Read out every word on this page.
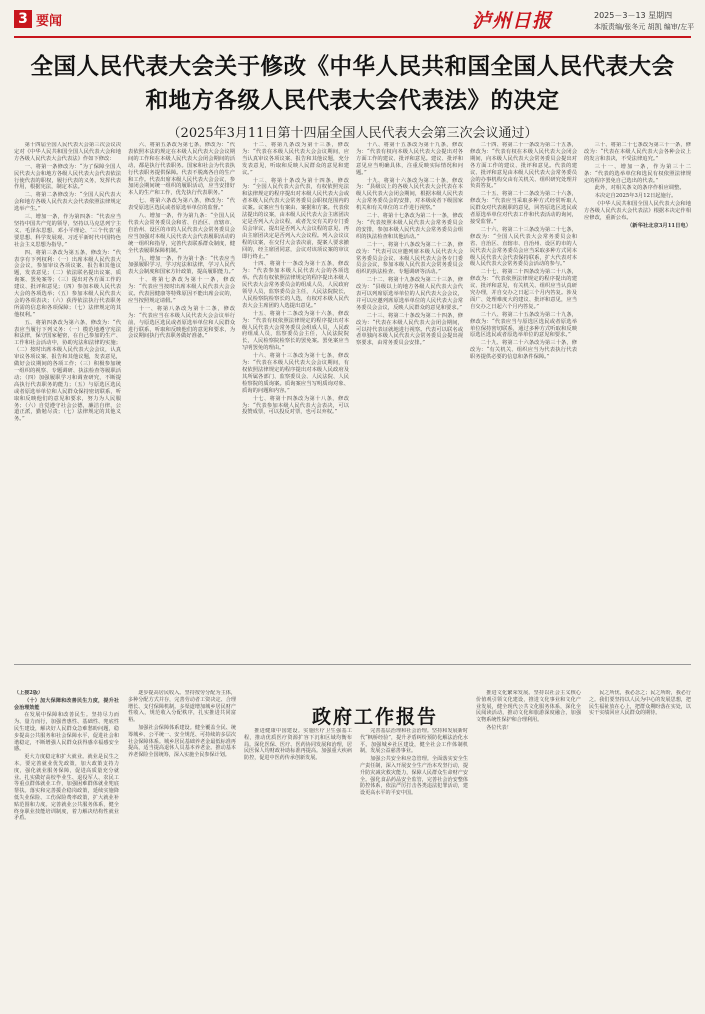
3 要闻	泸州日报	2025－3－13 星期四
本版责编/张冬元 胡凯 编审/左平
全国人民代表大会关于修改《中华人民共和国全国人民代表大会和地方各级人民代表大会代表法》的决定
（2025年3月11日第十四届全国人民代表大会第三次会议通过）

第十四届全国人民代表大会第三次会议决定对《中华人民共和国全国人民代表大会和地方各级人民代表大会代表法》作如下修改：

一、将第一条修改为：“为了保障全国人民代表大会和地方各级人民代表大会代表依法行使代表的职权，履行代表的义务，发挥代表作用，根据宪法，制定本法。”

二、将第二条修改为：“全国人民代表大会和地方各级人民代表大会代表依照法律规定选举产生。”

三、增加一条，作为第四条：“代表应当坚持中国共产党的领导，坚持以马克思列宁主义、毛泽东思想、邓小平理论、‘三个代表’重要思想、科学发展观、习近平新时代中国特色社会主义思想为指导。”

四、将第三条改为第五条，修改为：“代表享有下列权利：（一）出席本级人民代表大会会议，参加审议各项议案、报告和其他议题，发表意见；（二）依法联名提出议案、质询案、罢免案等；（三）提出对各方面工作的建议、批评和意见；（四）参加本级人民代表大会的各项选举；（五）参加本级人民代表大会的各项表决；（六）获得依法执行代表职务所需的信息和各项保障；（七）法律规定的其他权利。”

五、将第四条改为第六条，修改为：“代表应当履行下列义务：（一）模范地遵守宪法和法律，保守国家秘密，在自己参加的生产、工作和社会活动中，协助宪法和法律的实施；（二）按时出席本级人民代表大会会议，认真审议各项议案、报告和其他议题，发表意见，做好会议期间的各项工作；（三）积极参加统一组织的视察、专题调研、执法检查等履职活动；（四）加强履职学习和调查研究，不断提高执行代表职务的能力；（五）与原选区选民或者原选举单位和人民群众保持密切联系，听取和反映他们的意见和要求，努力为人民服务；（六）自觉遵守社会公德，廉洁自律，公道正派，勤勉尽责；（七）法律规定的其他义务。”

六、将第五条改为第七条，修改为：“代表依照本法的规定在本级人民代表大会会议期间的工作和在本级人民代表大会闭会期间的活动，都是执行代表职务。国家和社会为代表执行代表职务提供保障。代表不脱离各自的生产和工作。代表出席本级人民代表大会会议，参加闭会期间统一组织的履职活动，应当安排好本人的生产和工作，优先执行代表职务。”

七、将第六条改为第八条，修改为：“代表受原选区选民或者原选举单位的监督。”

八、增加一条，作为第九条：“全国人民代表大会常务委员会和省、自治区、直辖市、自治州、设区的市的人民代表大会常务委员会应当加强对本级人民代表大会代表履职活动的统一组织和指导，完善代表联系群众制度，健全代表履职保障机制。”

九、增加一条，作为第十条：“代表应当加强履职学习，学习宪法和法律，学习人民代表大会制度和国家方针政策，提高履职能力。”

十、将第七条改为第十一条，修改为：“代表应当按时出席本级人民代表大会会议。代表因健康等特殊原因不能出席会议的，应当按照规定请假。”

十一、将第八条改为第十二条，修改为：“代表应当在本级人民代表大会会议举行前，与原选区选民或者原选举单位和人民群众进行联系，听取和反映他们的意见和要求，为会议期间执行代表职务做好准备。”

十二、将第九条改为第十三条，修改为：“代表在本级人民代表大会会议期间，应当认真审议各项议案、报告和其他议题，充分发表意见，听取和反映人民群众的意见和建议。”

十三、将第十条改为第十四条，修改为：“全国人民代表大会代表，有权依照宪法和法律规定的程序提出对本级人民代表大会或者本级人民代表大会常务委员会职权范围内的议案。议案应当有案由、案据和方案。代表依法提出的议案，由本级人民代表大会主席团决定是否列入大会议程，或者先交有关的专门委员会审议，提出是否列入大会议程的意见，再由主席团决定是否列入大会议程。列入会议议程的议案，在交付大会表决前，提案人要求撤回的，经主席团同意，会议对该项议案的审议即行终止。”

十四、将第十一条改为第十五条，修改为：“代表参加本级人民代表大会的各项选举。代表有权依照法律规定的程序提出本级人民代表大会常务委员会的组成人员，人民政府领导人员，监察委员会主任，人民法院院长，人民检察院检察长的人选，有权对本级人民代表大会主席团的人选提出意见。”

十五、将第十二条改为第十六条，修改为：“代表有权依照法律规定的程序提出对本级人民代表大会常务委员会组成人员，人民政府组成人员，监察委员会主任，人民法院院长，人民检察院检察长的罢免案。罢免案应当写明罢免的理由。”

十六、将第十三条改为第十七条，修改为：“代表在本级人民代表大会会议期间，有权依照法律规定的程序提出对本级人民政府及其所属各部门、监察委员会、人民法院、人民检察院的质询案。质询案应当写明质询对象、质询的问题和内容。”

十七、将第十四条改为第十八条，修改为：“代表参加本级人民代表大会表决，可以投赞成票，可以投反对票，也可以弃权。”

十八、将第十五条改为第十九条，修改为：“代表有权向本级人民代表大会提出对各方面工作的建议、批评和意见。建议、批评和意见应当明确具体，注重反映实际情况和问题。”

十九、将第十六条改为第二十条，修改为：“县级以上的各级人民代表大会代表在本级人民代表大会闭会期间，根据本级人民代表大会常务委员会的安排，对本级或者下级国家机关和有关单位的工作进行视察。”

二十、将第十七条改为第二十一条，修改为：“代表按照本级人民代表大会常务委员会的安排，参加本级人民代表大会常务委员会组织的执法检查和其他活动。”

二十一、将第十八条改为第二十二条，修改为：“代表可以应邀列席本级人民代表大会常务委员会会议、本级人民代表大会各专门委员会会议，参加本级人民代表大会常务委员会组织的执法检查、专题调研等活动。”

二十二、将第十九条改为第二十三条，修改为：“县级以上的地方各级人民代表大会代表可以列席原选举单位的人民代表大会会议，并可以应邀列席原选举单位的人民代表大会常务委员会会议，反映人民群众的意见和要求。”

二十三、将第二十条改为第二十四条，修改为：“代表在本级人民代表大会闭会期间，可以持代表证就地进行视察。代表可以联名或者单独向本级人民代表大会常务委员会提出视察要求，由常务委员会安排。”

二十四、将第二十一条改为第二十五条，修改为：“代表有权在本级人民代表大会闭会期间，向本级人民代表大会常务委员会提出对各方面工作的建议、批评和意见。代表的建议、批评和意见由本级人民代表大会常务委员会的办事机构交由有关机关、组织研究处理并负责答复。”

二十五、将第二十二条改为第二十六条，修改为：“代表应当采取多种方式经常听取人民群众对代表履职的意见，回答原选区选民或者原选举单位对代表工作和代表活动的询问，接受监督。”

二十六、将第二十三条改为第二十七条，修改为：“全国人民代表大会常务委员会和省、自治区、直辖市、自治州、设区的市的人民代表大会常务委员会应当采取多种方式同本级人民代表大会代表保持联系，扩大代表对本级人民代表大会常务委员会活动的参与。”

二十七、将第二十四条改为第二十八条，修改为：“代表依照法律规定的程序提出的建议、批评和意见，有关机关、组织应当认真研究办理，并自交办之日起三个月内答复。涉及面广、处理难度大的建议、批评和意见，应当自交办之日起六个月内答复。”

二十八、将第二十五条改为第二十九条，修改为：“代表应当与原选区选民或者原选举单位保持密切联系，通过多种方式听取和反映原选区选民或者原选举单位的意见和要求。”

二十九、将第二十六条改为第三十条，修改为：“有关机关、组织应当为代表执行代表职务提供必要的信息和条件保障。”

三十、将第二十七条改为第三十一条，修改为：“代表在本级人民代表大会各种会议上的发言和表决，不受法律追究。”

三十一、增加一条，作为第三十二条：“代表的选举单位和选民有权依照法律规定的程序罢免自己选出的代表。”

此外，对相关条文的条序作相应调整。

本决定自2025年3月12日起施行。

《中华人民共和国全国人民代表大会和地方各级人民代表大会代表法》根据本决定作相应修改，重新公布。

（新华社北京3月11日电）

（上接2版）

（十）加大保障和改善民生力度，提升社会治理效能

在发展中保障和改善民生。坚持尽力而为、量力而行，加强普惠性、基础性、兜底性民生建设，解决好人民群众急难愁盼问题，稳步提高公共服务和社会保障水平，促进社会和谐稳定，不断增强人民群众获得感幸福感安全感。

更大力度稳定和扩大就业。就业是民生之本。要完善就业优先政策，加大政策支持力度，强化就业服务保障，促进高质量充分就业。扎实做好高校毕业生、退役军人、农民工等重点群体就业工作，加强困难群体就业兜底帮扶。落实和完善援企稳岗政策，延续实施降低失业保险、工伤保险费率政策，扩大就业补贴范围和力度。完善就业公共服务体系，健全终身职业技能培训制度，着力解决结构性就业矛盾。

逐步提高居民收入。坚持按劳分配为主体，多种分配方式并存，完善劳动者工资决定、合理增长、支付保障机制。多渠道增加城乡居民财产性收入，规范收入分配秩序，扎实推进共同富裕。

加强社会保障体系建设。健全覆盖全民、统筹城乡、公平统一、安全规范、可持续的多层次社会保障体系。城乡居民基础养老金最低标准再提高，适当提高退休人员基本养老金。推动基本养老保险全国统筹，深入实施全民参保计划。

推进健康中国建设。实施医疗卫生强基工程，推动优质医疗资源扩容下沉和区域均衡布局。深化医保、医疗、医药协同发展和治理，居民医保人均财政补助标准再提高。加强重大疾病防控，促进中医药传承创新发展。

完善基层治理和社会治理。坚持和发展新时代“枫桥经验”，提升矛盾纠纷预防化解法治化水平。加强城乡社区建设，健全社会工作体制机制，发展公益慈善事业。

加强公共安全和应急管理。全面落实安全生产责任制，深入开展安全生产治本攻坚行动，提升防灾减灾救灾能力，保障人民群众生命财产安全。强化食品药品安全监管，完善社会治安整体防控体系，依法严厉打击各类违法犯罪活动，建设更高水平的平安中国。

推进文化繁荣发展。坚持以社会主义核心价值观引领文化建设，推进文化事业和文化产业发展，健全现代公共文化服务体系，深化全民阅读活动，推动文化和旅游深度融合，加强文物系统性保护和合理利用。

各位代表！

民之所忧，我必念之；民之所盼，我必行之。我们要坚持以人民为中心的发展思想，把民生福祉放在心上，把群众期盼落在实处，以实干实绩回应人民群众的期待。

政府工作报告
